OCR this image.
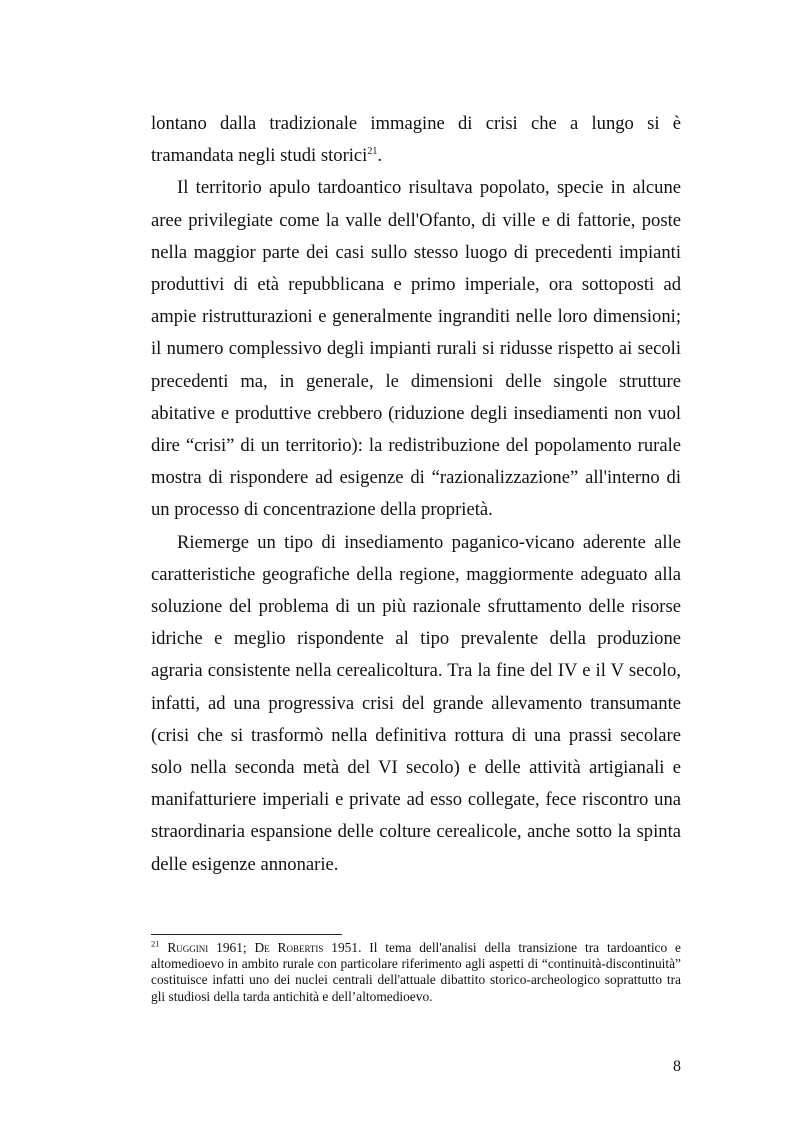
lontano dalla tradizionale immagine di crisi che a lungo si è tramandata negli studi storici$^{21}$.

Il territorio apulo tardoantico risultava popolato, specie in alcune aree privilegiate come la valle dell'Ofanto, di ville e di fattorie, poste nella maggior parte dei casi sullo stesso luogo di precedenti impianti produttivi di età repubblicana e primo imperiale, ora sottoposti ad ampie ristrutturazioni e generalmente ingranditi nelle loro dimensioni; il numero complessivo degli impianti rurali si ridusse rispetto ai secoli precedenti ma, in generale, le dimensioni delle singole strutture abitative e produttive crebbero (riduzione degli insediamenti non vuol dire “crisi” di un territorio): la redistribuzione del popolamento rurale mostra di rispondere ad esigenze di “razionalizzazione” all'interno di un processo di concentrazione della proprietà.

Riemerge un tipo di insediamento paganico-vicano aderente alle caratteristiche geografiche della regione, maggiormente adeguato alla soluzione del problema di un più razionale sfruttamento delle risorse idriche e meglio rispondente al tipo prevalente della produzione agraria consistente nella cerealicoltura. Tra la fine del IV e il V secolo, infatti, ad una progressiva crisi del grande allevamento transumante (crisi che si trasformò nella definitiva rottura di una prassi secolare solo nella seconda metà del VI secolo) e delle attività artigianali e manifatturiere imperiali e private ad esso collegate, fece riscontro una straordinaria espansione delle colture cerealicole, anche sotto la spinta delle esigenze annonarie.

$^{21}$ Ruggini 1961; De Robertis 1951. Il tema dell'analisi della transizione tra tardoantico e altomedioevo in ambito rurale con particolare riferimento agli aspetti di “continuità-discontinuità” costituisce infatti uno dei nuclei centrali dell'attuale dibattito storico-archeologico soprattutto tra gli studiosi della tarda antichità e dell’altomedioevo.
8
